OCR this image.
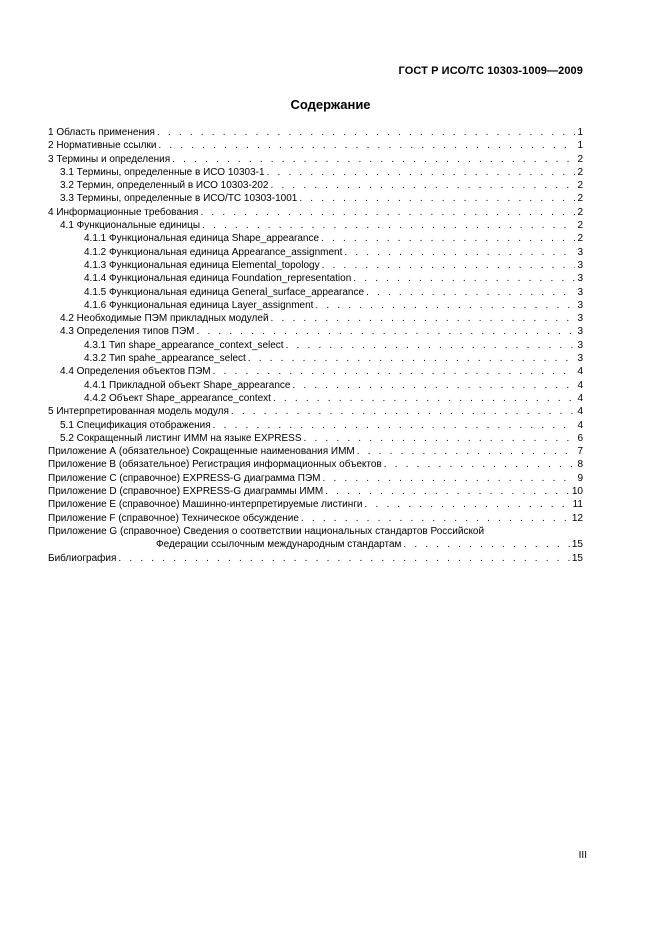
ГОСТ Р ИСО/ТС 10303-1009—2009
Содержание
1 Область применения . . .	1
2 Нормативные ссылки . . .	1
3 Термины и определения . . .	2
3.1 Термины, определенные в ИСО 10303-1 . . .	2
3.2 Термин, определенный в ИСО 10303-202 . . .	2
3.3 Термины, определенные в ИСО/ТС 10303-1001 . . .	2
4 Информационные требования . . .	2
4.1 Функциональные единицы . . .	2
4.1.1 Функциональная единица Shape_appearance . . .	2
4.1.2 Функциональная единица Appearance_assignment . . .	3
4.1.3 Функциональная единица Elemental_topology . . .	3
4.1.4 Функциональная единица Foundation_representation . . .	3
4.1.5 Функциональная единица General_surface_appearance . . .	3
4.1.6 Функциональная единица Layer_assignment . . .	3
4.2 Необходимые ПЭМ прикладных модулей . . .	3
4.3 Определения типов ПЭМ . . .	3
4.3.1 Тип shape_appearance_context_select . . .	3
4.3.2 Тип spahe_appearance_select . . .	3
4.4 Определения объектов ПЭМ . . .	4
4.4.1 Прикладной объект Shape_appearance . . .	4
4.4.2 Объект Shape_appearance_context . . .	4
5 Интерпретированная модель модуля . . .	4
5.1 Спецификация отображения . . .	4
5.2 Сокращенный листинг ИММ на языке EXPRESS . . .	6
Приложение А (обязательное) Сокращенные наименования ИММ . . .	7
Приложение В (обязательное) Регистрация информационных объектов . . .	8
Приложение С (справочное) EXPRESS-G диаграмма ПЭМ . . .	9
Приложение D (справочное) EXPRESS-G диаграммы ИММ . . .	10
Приложение Е (справочное) Машинно-интерпретируемые листинги . . .	11
Приложение F (справочное) Техническое обсуждение . . .	12
Приложение G (справочное) Сведения о соответствии национальных стандартов Российской
Федерации ссылочным международным стандартам . . .	15
Библиография . . .	15
III
